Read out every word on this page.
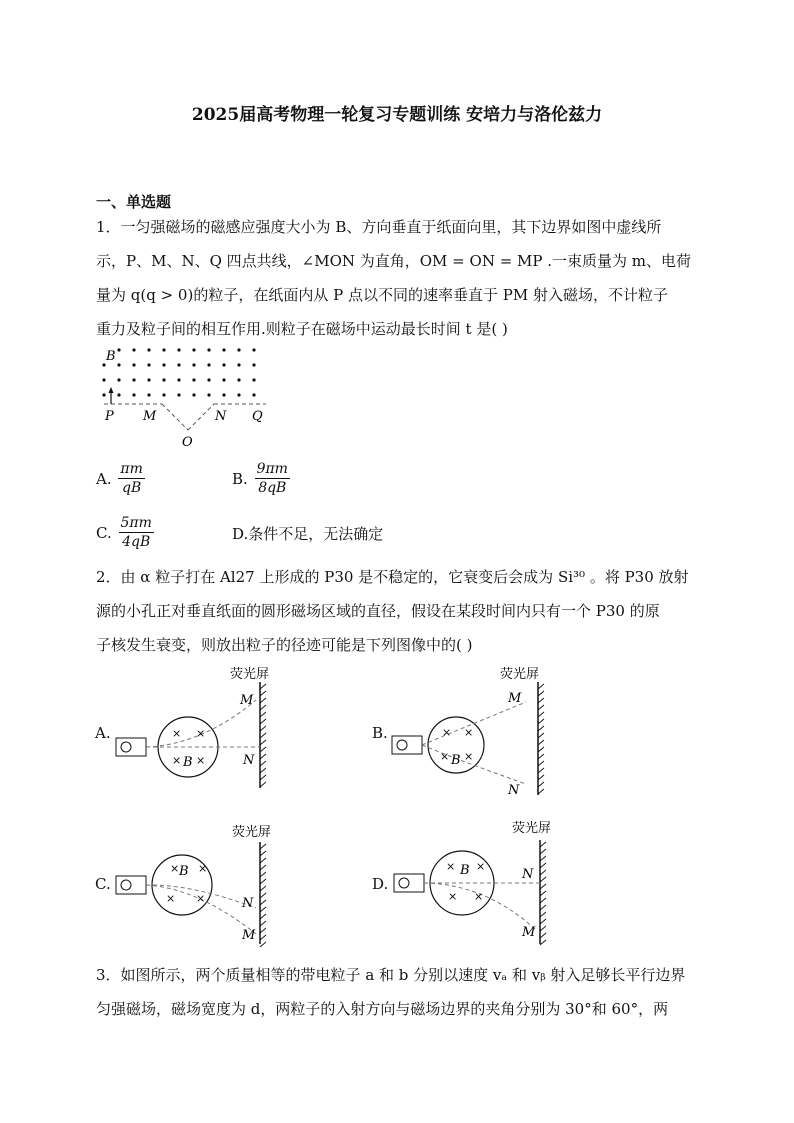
2025届高考物理一轮复习专题训练 安培力与洛伦兹力
一、单选题
1．一匀强磁场的磁感应强度大小为 B、方向垂直于纸面向里，其下边界如图中虚线所
示，P、M、N、Q 四点共线，∠MON 为直角，OM = ON = MP .一束质量为 m、电荷
量为 q(q > 0)的粒子，在纸面内从 P 点以不同的速率垂直于 PM 射入磁场，不计粒子
重力及粒子间的相互作用.则粒子在磁场中运动最长时间 t 是( )
B
P M	N Q
O
A. $\frac{\pi m}{qB}$	B. $\frac{9\pi m}{8qB}$
C. $\frac{5\pi m}{4qB}$	D.条件不足，无法确定
2．由 α 粒子打在 Al27 上形成的 P30 是不稳定的，它衰变后会成为 Si³⁰ 。将 P30 放射
源的小孔正对垂直纸面的圆形磁场区域的直径，假设在某段时间内只有一个 P30 的原
子核发生衰变，则放出粒子的径迹可能是下列图像中的( )
A.
荧光屏
× ×
× ×
B
M
N
B.
荧光屏
× ×
× ×
B
M
N
C.
荧光屏
× ×
× ×
B
N
M
D.
荧光屏
× ×
× ×
B	N
M
3．如图所示，两个质量相等的带电粒子 a 和 b 分别以速度 vₐ 和 vᵦ 射入足够长平行边界
匀强磁场，磁场宽度为 d，两粒子的入射方向与磁场边界的夹角分别为 30°和 60°，两
